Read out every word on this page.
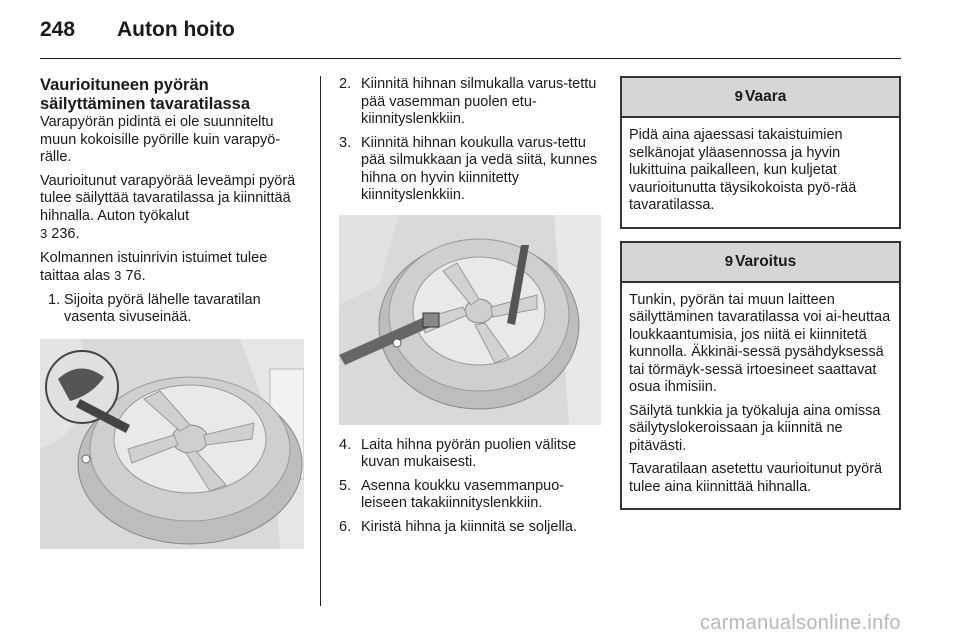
248	Auton hoito
Vaurioituneen pyörän säilyttäminen tavaratilassa

Varapyörän pidintä ei ole suunniteltu muun kokoisille pyörille kuin varapyö-rälle.

Vaurioitunut varapyörää leveämpi pyörä tulee säilyttää tavaratilassa ja kiinnittää hihnalla. Auton työkalut
3 236.

Kolmannen istuinrivin istuimet tulee taittaa alas 3 76.

1. Sijoita pyörä lähelle tavaratilan vasenta sivuseinää.
2. Kiinnitä hihnan silmukalla varus-tettu pää vasemman puolen etu-kiinnityslenkkiin.
3. Kiinnitä hihnan koukulla varus-tettu pää silmukkaan ja vedä siitä, kunnes hihna on hyvin kiinnitetty kiinnityslenkkiin.
4. Laita hihna pyörän puolien välitse kuvan mukaisesti.
5. Asenna koukku vasemmanpuo-leiseen takakiinnityslenkkiin.
6. Kiristä hihna ja kiinnitä se soljella.
9 Vaara

Pidä aina ajaessasi takaistuimien selkänojat yläasennossa ja hyvin lukittuina paikalleen, kun kuljetat vaurioitunutta täysikokoista pyö-rää tavaratilassa.

9 Varoitus

Tunkin, pyörän tai muun laitteen säilyttäminen tavaratilassa voi ai-heuttaa loukkaantumisia, jos niitä ei kiinnitetä kunnolla. Äkkinäi-sessä pysähdyksessä tai törmäyk-sessä irtoesineet saattavat osua ihmisiin.

Säilytä tunkkia ja työkaluja aina omissa säilytyslokeroissaan ja kiinnitä ne pitävästi.

Tavaratilaan asetettu vaurioitunut pyörä tulee aina kiinnittää hihnalla.

carmanualsonline.info
